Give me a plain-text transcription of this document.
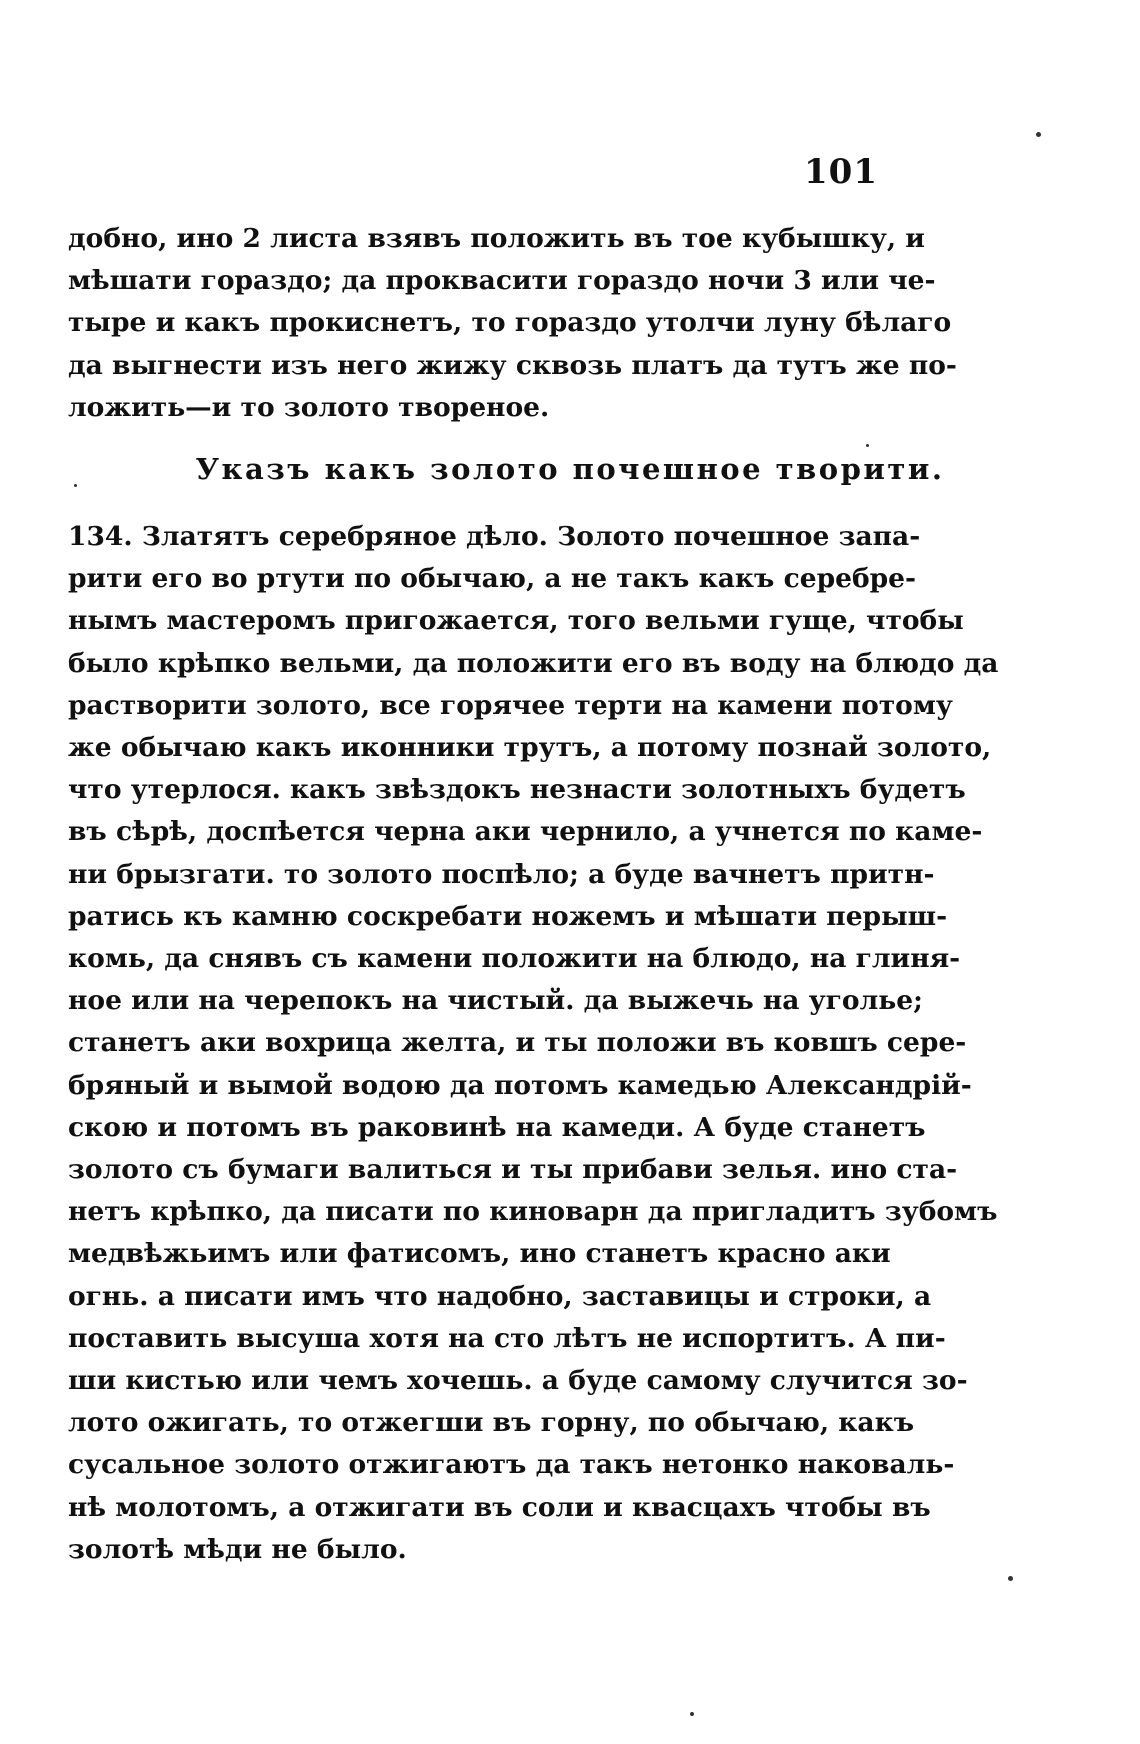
101
добно, ино 2 листа взявъ положить въ тое кубышку, и
мѣшати гораздо; да проквасити гораздо ночи 3 или че-
тыре и какъ прокиснетъ, то гораздо утолчи луну бѣлаго
да выгнести изъ него жижу сквозь платъ да тутъ же по-
ложить—и то золото твореное.
Указъ какъ золото почешное творити.
134. Златятъ серебряное дѣло. Золото почешное запа-
рити его во ртути по обычаю, а не такъ какъ серебре-
нымъ мастеромъ пригожается, того вельми гуще, чтобы
было крѣпко вельми, да положити его въ воду на блюдо да
растворити золото, все горячее терти на камени потому
же обычаю какъ иконники трутъ, а потому познай золото,
что утерлося. какъ звѣздокъ незнасти золотныхъ будетъ
въ сѣрѣ, доспѣется черна аки чернило, а учнется по каме-
ни брызгати. то золото поспѣло; а буде вачнетъ притн-
ратись къ камню соскребати ножемъ и мѣшати перыш-
комь, да снявъ съ камени положити на блюдо, на глиня-
ное или на черепокъ на чистый. да выжечь на уголье;
станетъ аки вохрица желта, и ты положи въ ковшъ сере-
бряный и вымой водою да потомъ камедью Александрiй-
скою и потомъ въ раковинѣ на камеди. А буде станетъ
золото съ бумаги валиться и ты прибави зелья. ино ста-
нетъ крѣпко, да писати по киноварн да пригладитъ зубомъ
медвѣжьимъ или фатисомъ, ино станетъ красно аки
огнь. а писати имъ что надобно, заставицы и строки, а
поставить высуша хотя на сто лѣтъ не испортитъ. А пи-
ши кистью или чемъ хочешь. а буде самому случится зо-
лото ожигать, то отжегши въ горну, по обычаю, какъ
сусальное золото отжигаютъ да такъ нетонко наковаль-
нѣ молотомъ, а отжигати въ соли и квасцахъ чтобы въ
золотѣ мѣди не было.
